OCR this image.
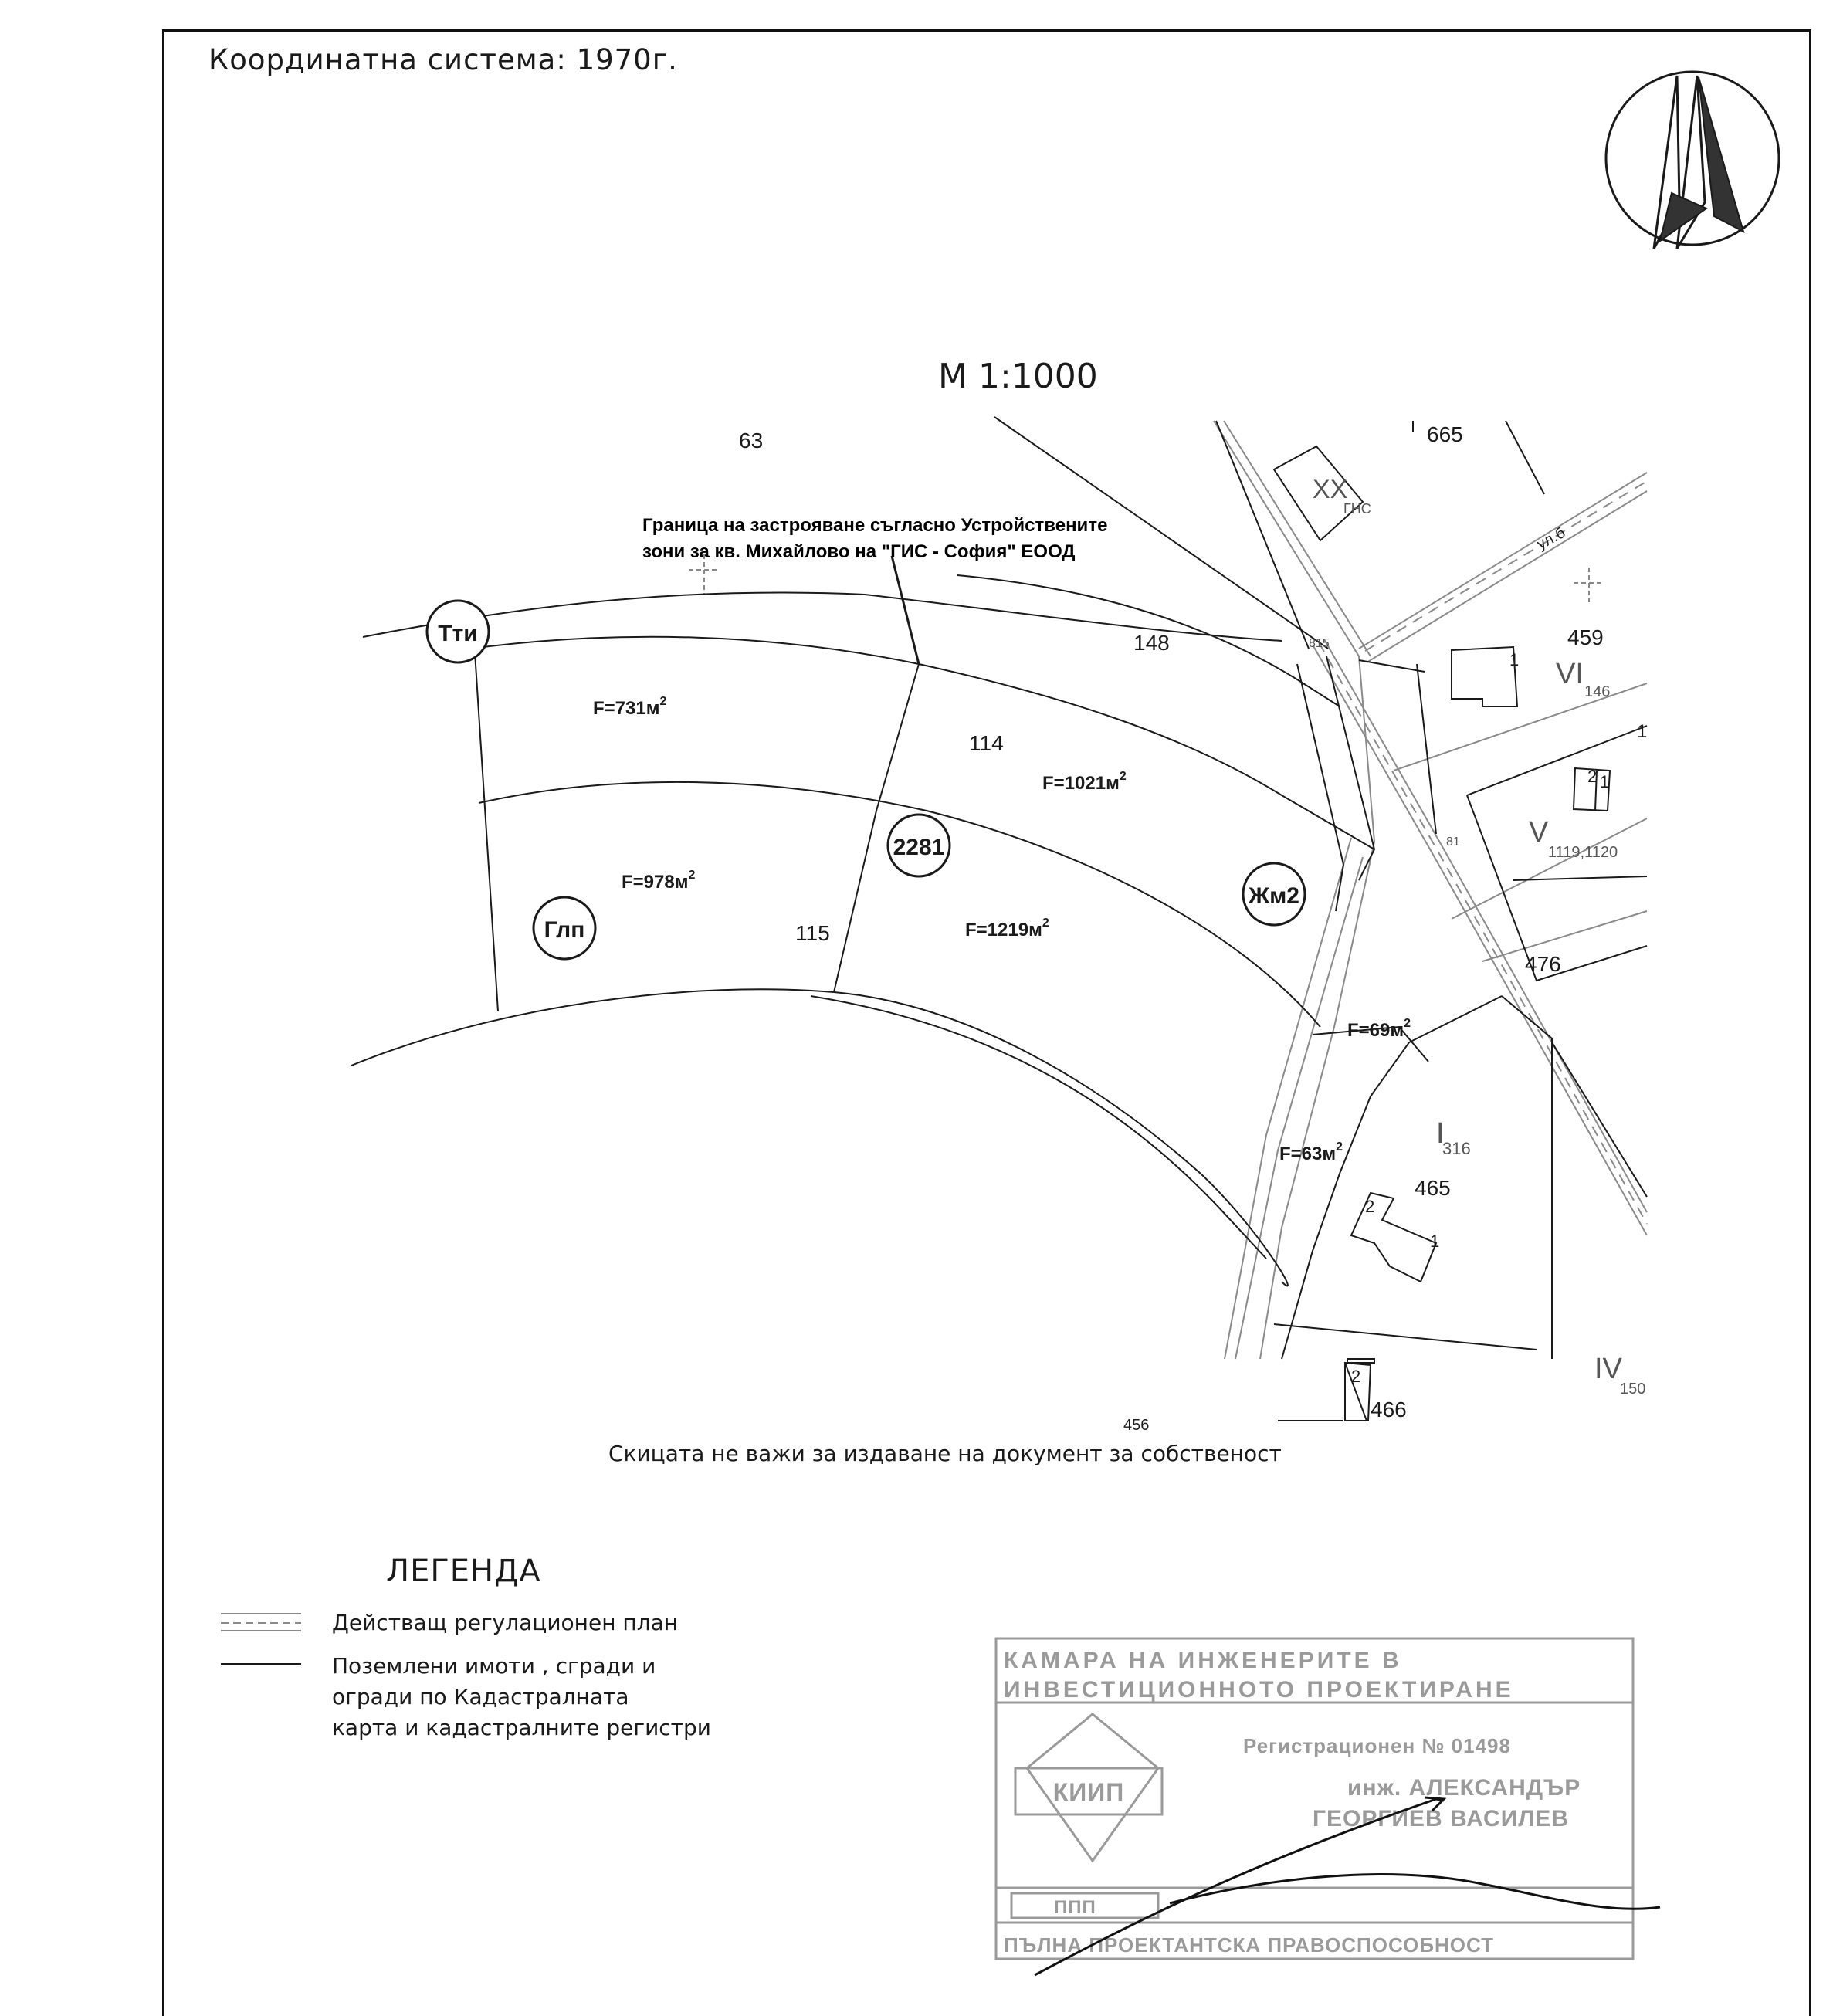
Координатна система: 1970г.
М 1:1000
Граница на застрояване съгласно Устройствените
зони за кв. Михайлово на "ГИС - София" ЕООД
63	665
XX
ГНС
ул.б
148	459
VI
146
1
114
115
V
1119,1120
476
I
316
465
IV
150
466
456
81
815
1
2 1
2
1
2
$F=731м^2$
$F=1021м^2$
$F=978м^2$
$F=1219м^2$
$F=69м^2$
$F=63м^2$
Тти
Глп
Жм2
2281
КАМАРА НА ИНЖЕНЕРИТЕ В
ИНВЕСТИЦИОННОТО ПРОЕКТИРАНЕ
Регистрационен № 01498
инж. АЛЕКСАНДЪР
ГЕОРГИЕВ ВАСИЛЕВ
КИИП
ППП
ПЪЛНА ПРОЕКТАНТСКА ПРАВОСПОСОБНОСТ
Скицата не важи за издаване на документ за собственост
ЛЕГЕНДА
Действащ регулационен план
Поземлени имоти , сгради и
огради по Кадастралната
карта и кадастралните регистри
